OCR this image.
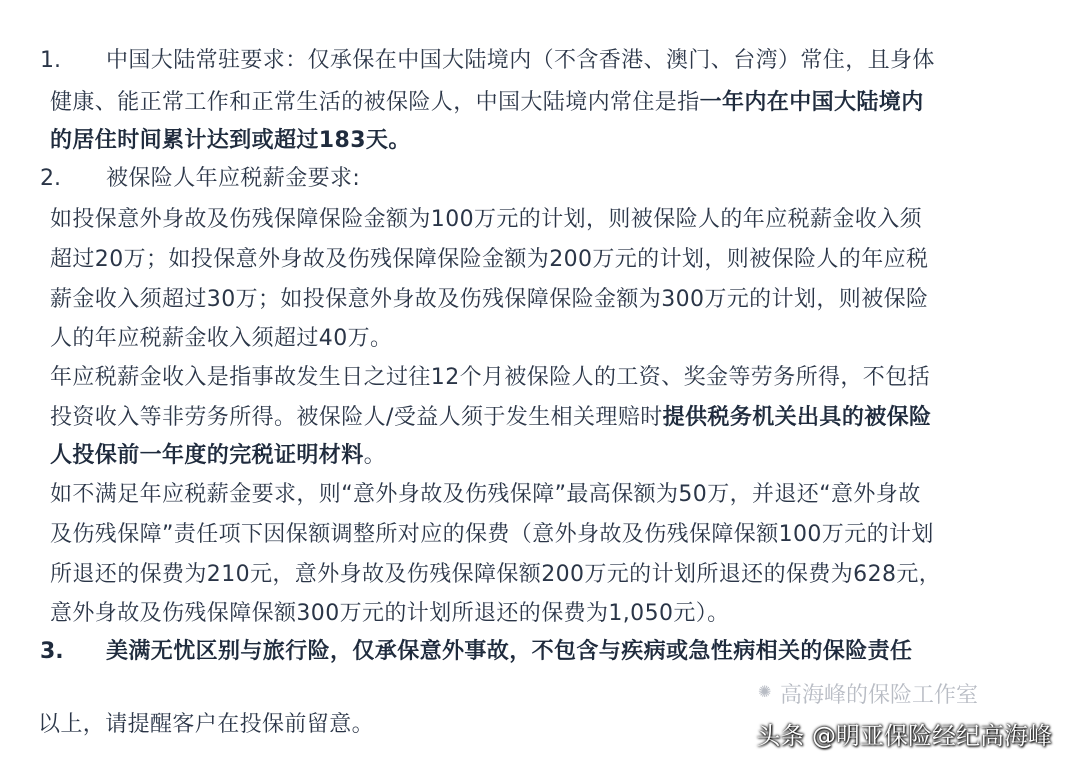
1. 中国大陆常驻要求：仅承保在中国大陆境内（不含香港、澳门、台湾）常住，且身体
健康、能正常工作和正常生活的被保险人，中国大陆境内常住是指一年内在中国大陆境内
的居住时间累计达到或超过183天。
2. 被保险人年应税薪金要求:
如投保意外身故及伤残保障保险金额为100万元的计划，则被保险人的年应税薪金收入须
超过20万；如投保意外身故及伤残保障保险金额为200万元的计划，则被保险人的年应税
薪金收入须超过30万；如投保意外身故及伤残保障保险金额为300万元的计划，则被保险
人的年应税薪金收入须超过40万。
年应税薪金收入是指事故发生日之过往12个月被保险人的工资、奖金等劳务所得，不包括
投资收入等非劳务所得。被保险人/受益人须于发生相关理赔时提供税务机关出具的被保险
人投保前一年度的完税证明材料。
如不满足年应税薪金要求，则“意外身故及伤残保障”最高保额为50万，并退还“意外身故
及伤残保障”责任项下因保额调整所对应的保费（意外身故及伤残保障保额100万元的计划
所退还的保费为210元，意外身故及伤残保障保额200万元的计划所退还的保费为628元，
意外身故及伤残保障保额300万元的计划所退还的保费为1,050元）。
3. 美满无忧区别与旅行险，仅承保意外事故，不包含与疾病或急性病相关的保险责任
✺ 高海峰的保险工作室
以上，请提醒客户在投保前留意。	头条 @明亚保险经纪高海峰
